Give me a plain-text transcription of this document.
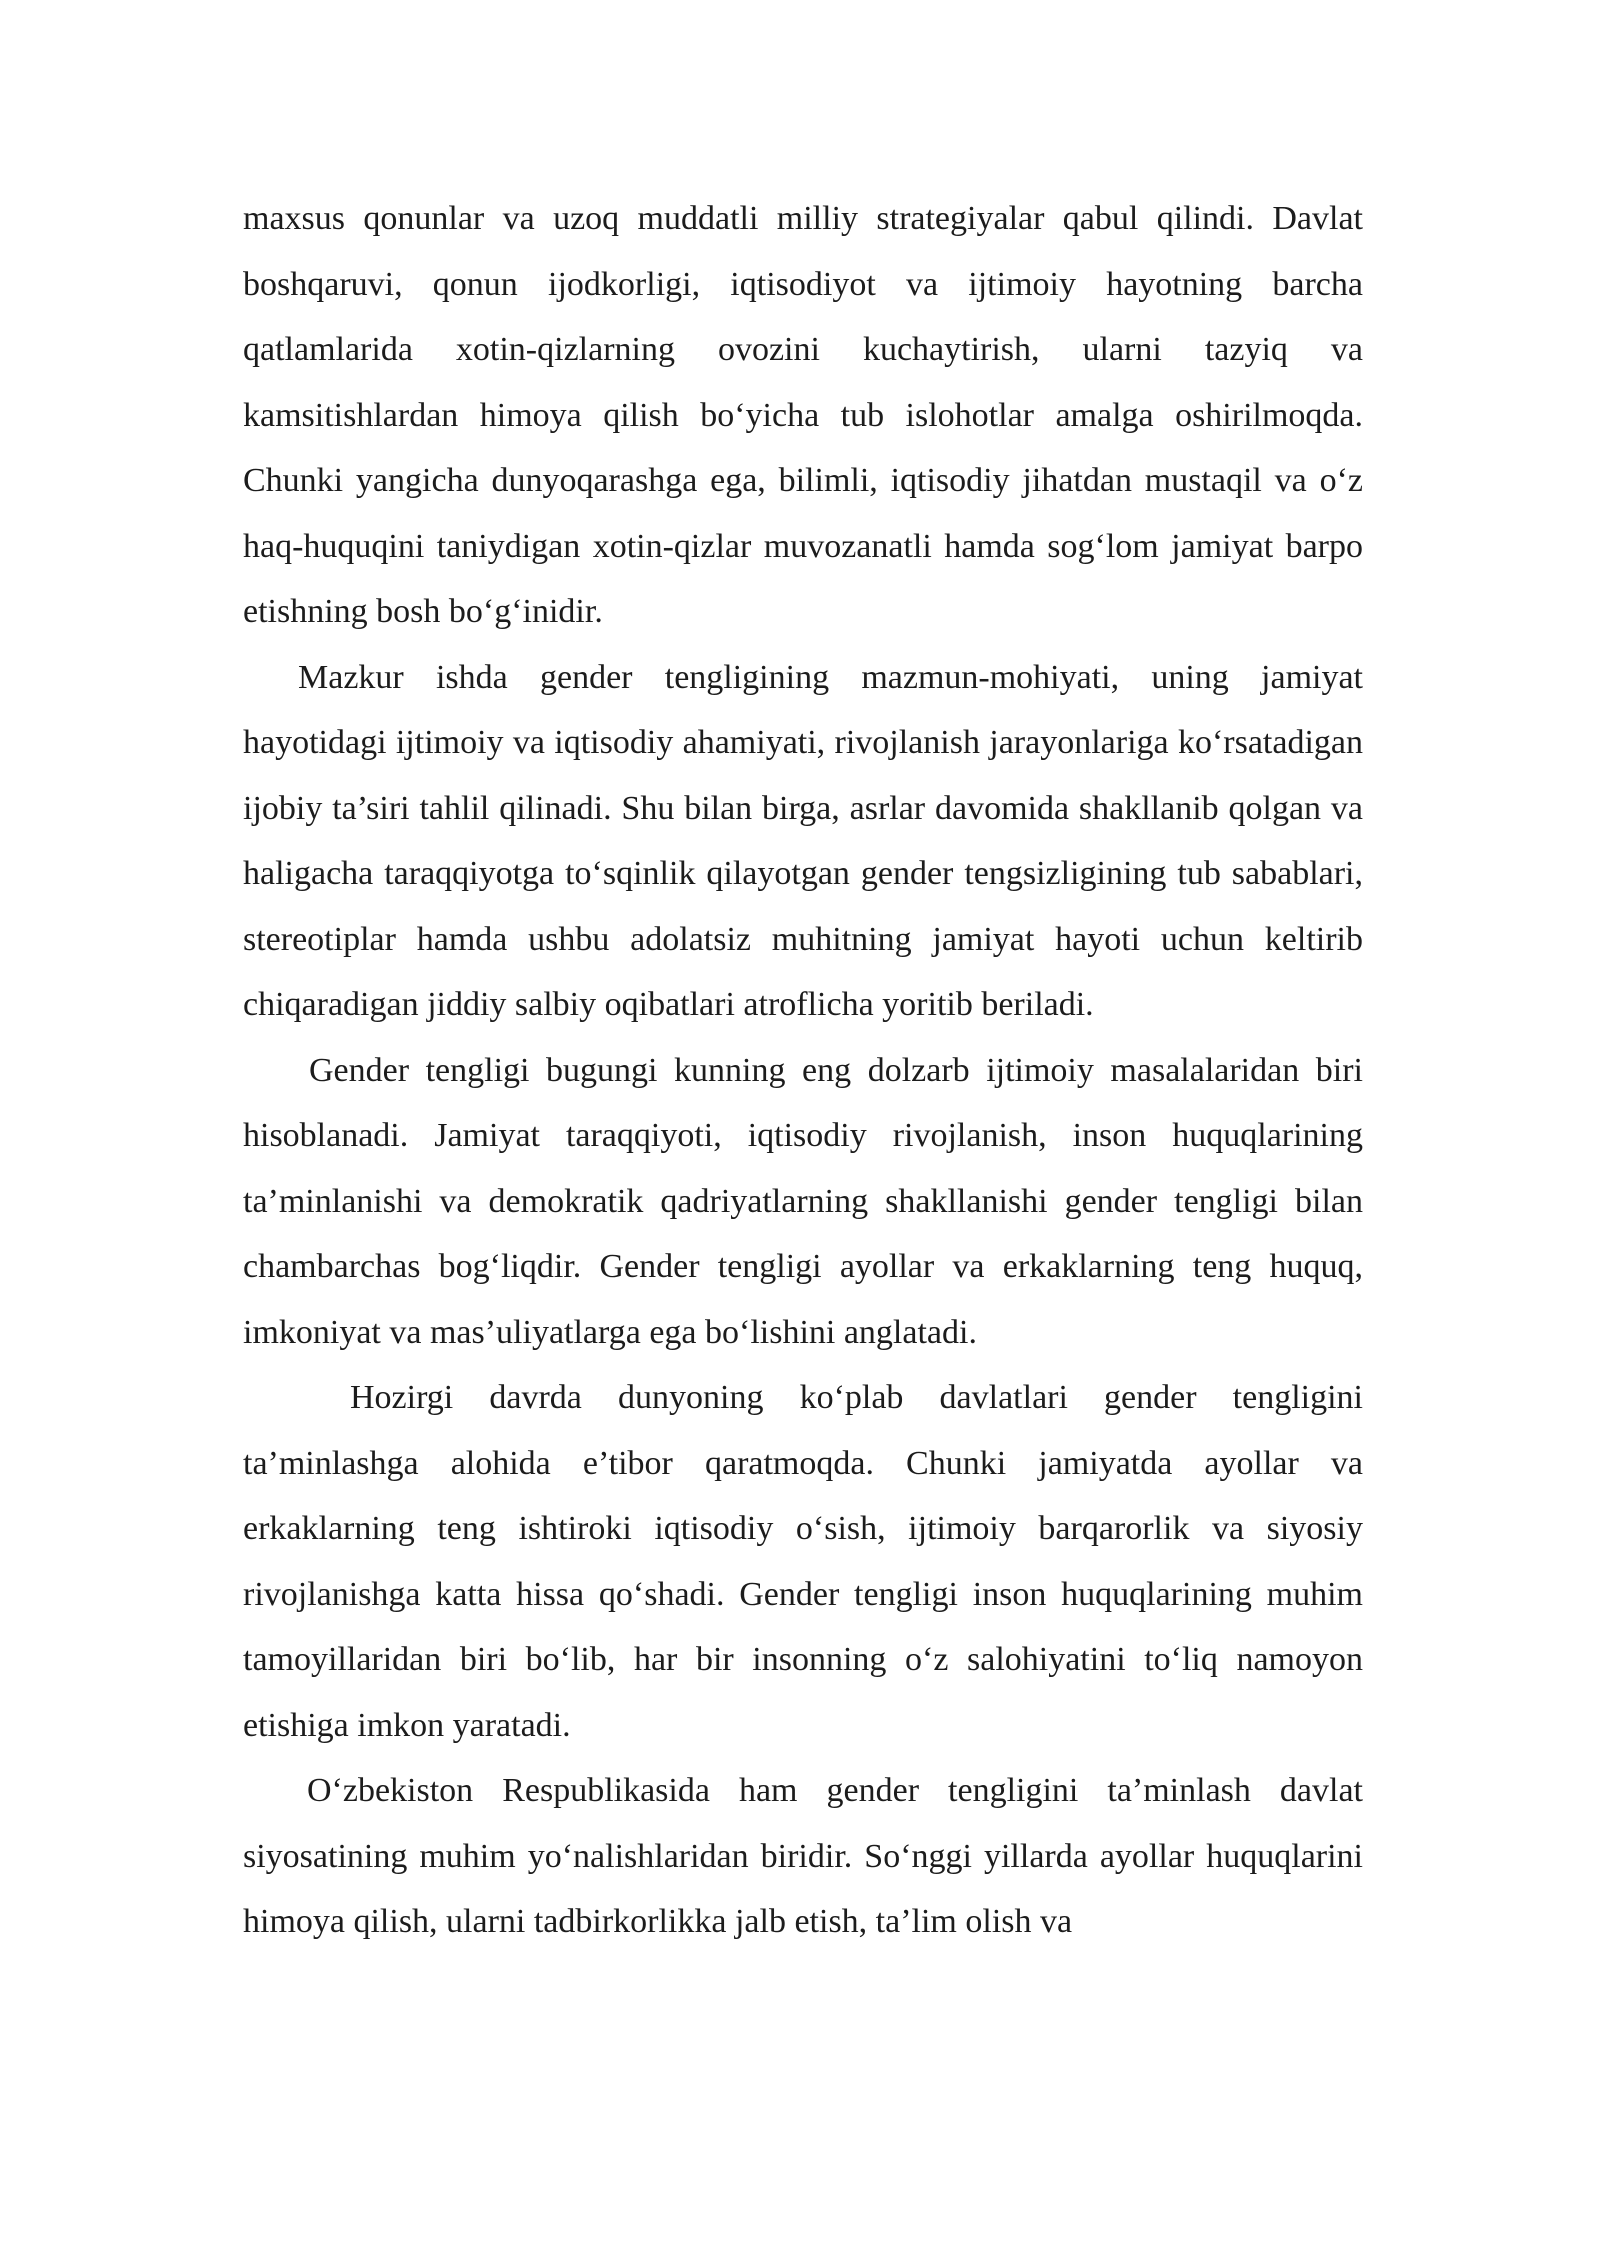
maxsus qonunlar va uzoq muddatli milliy strategiyalar qabul qilindi. Davlat boshqaruvi, qonun ijodkorligi, iqtisodiyot va ijtimoiy hayotning barcha qatlamlarida xotin-qizlarning ovozini kuchaytirish, ularni tazyiq va kamsitishlardan himoya qilish bo‘yicha tub islohotlar amalga oshirilmoqda. Chunki yangicha dunyoqarashga ega, bilimli, iqtisodiy jihatdan mustaqil va o‘z haq-huquqini taniydigan xotin-qizlar muvozanatli hamda sog‘lom jamiyat barpo etishning bosh bo‘g‘inidir.

Mazkur ishda gender tengligining mazmun-mohiyati, uning jamiyat hayotidagi ijtimoiy va iqtisodiy ahamiyati, rivojlanish jarayonlariga ko‘rsatadigan ijobiy ta’siri tahlil qilinadi. Shu bilan birga, asrlar davomida shakllanib qolgan va haligacha taraqqiyotga to‘sqinlik qilayotgan gender tengsizligining tub sabablari, stereotiplar hamda ushbu adolatsiz muhitning jamiyat hayoti uchun keltirib chiqaradigan jiddiy salbiy oqibatlari atroflicha yoritib beriladi.

Gender tengligi bugungi kunning eng dolzarb ijtimoiy masalalaridan biri hisoblanadi. Jamiyat taraqqiyoti, iqtisodiy rivojlanish, inson huquqlarining ta’minlanishi va demokratik qadriyatlarning shakllanishi gender tengligi bilan chambarchas bog‘liqdir. Gender tengligi ayollar va erkaklarning teng huquq, imkoniyat va mas’uliyatlarga ega bo‘lishini anglatadi.

Hozirgi davrda dunyoning ko‘plab davlatlari gender tengligini ta’minlashga alohida e’tibor qaratmoqda. Chunki jamiyatda ayollar va erkaklarning teng ishtiroki iqtisodiy o‘sish, ijtimoiy barqarorlik va siyosiy rivojlanishga katta hissa qo‘shadi. Gender tengligi inson huquqlarining muhim tamoyillaridan biri bo‘lib, har bir insonning o‘z salohiyatini to‘liq namoyon etishiga imkon yaratadi.

O‘zbekiston Respublikasida ham gender tengligini ta’minlash davlat siyosatining muhim yo‘nalishlaridan biridir. So‘nggi yillarda ayollar huquqlarini himoya qilish, ularni tadbirkorlikka jalb etish, ta’lim olish va
